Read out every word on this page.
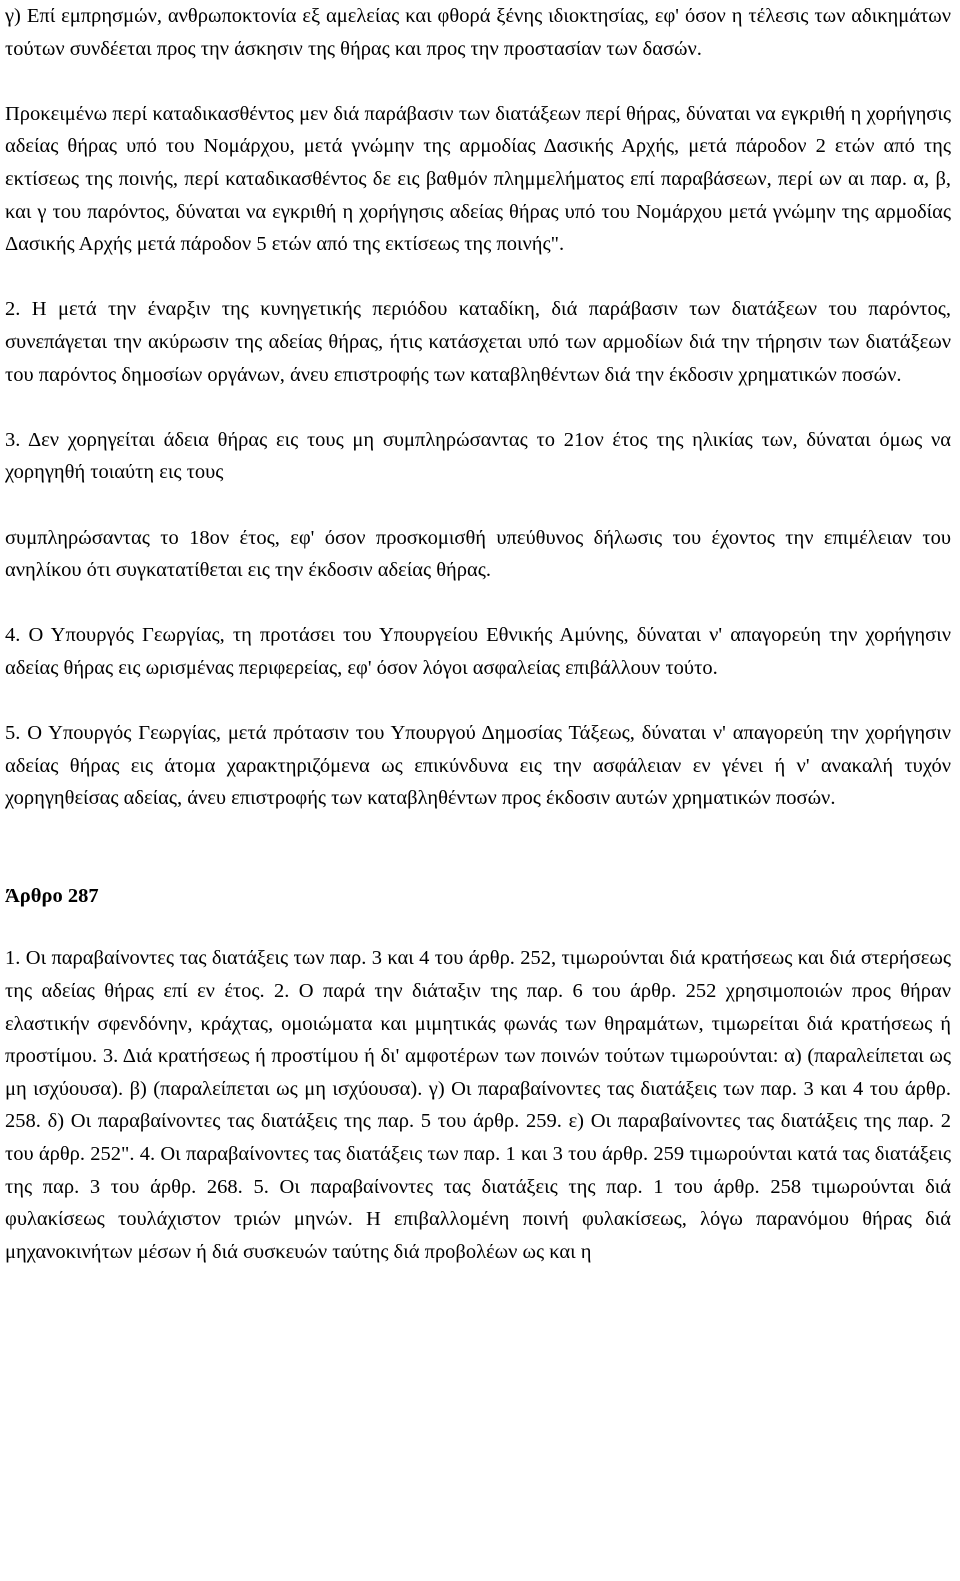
γ) Επί εμπρησμών, ανθρωποκτονία εξ αμελείας και φθορά ξένης ιδιοκτησίας, εφ' όσον η τέλεσις των αδικημάτων τούτων συνδέεται προς την άσκησιν της θήρας και προς την προστασίαν των δασών.

Προκειμένω περί καταδικασθέντος μεν διά παράβασιν των διατάξεων περί θήρας, δύναται να εγκριθή η χορήγησις αδείας θήρας υπό του Νομάρχου, μετά γνώμην της αρμοδίας Δασικής Αρχής, μετά πάροδον 2 ετών από της εκτίσεως της ποινής, περί καταδικασθέντος δε εις βαθμόν πλημμελήματος επί παραβάσεων, περί ων αι παρ. α, β, και γ του παρόντος, δύναται να εγκριθή η χορήγησις αδείας θήρας υπό του Νομάρχου μετά γνώμην της αρμοδίας Δασικής Αρχής μετά πάροδον 5 ετών από της εκτίσεως της ποινής".

2. Η μετά την έναρξιν της κυνηγετικής περιόδου καταδίκη, διά παράβασιν των διατάξεων του παρόντος, συνεπάγεται την ακύρωσιν της αδείας θήρας, ήτις κατάσχεται υπό των αρμοδίων διά την τήρησιν των διατάξεων του παρόντος δημοσίων οργάνων, άνευ επιστροφής των καταβληθέντων διά την έκδοσιν χρηματικών ποσών.

3. Δεν χορηγείται άδεια θήρας εις τους μη συμπληρώσαντας το 21ον έτος της ηλικίας των, δύναται όμως να χορηγηθή τοιαύτη εις τους

συμπληρώσαντας το 18ον έτος, εφ' όσον προσκομισθή υπεύθυνος δήλωσις του έχοντος την επιμέλειαν του ανηλίκου ότι συγκατατίθεται εις την έκδοσιν αδείας θήρας.

4. Ο Υπουργός Γεωργίας, τη προτάσει του Υπουργείου Εθνικής Αμύνης, δύναται ν' απαγορεύη την χορήγησιν αδείας θήρας εις ωρισμένας περιφερείας, εφ' όσον λόγοι ασφαλείας επιβάλλουν τούτο.

5. Ο Υπουργός Γεωργίας, μετά πρότασιν του Υπουργού Δημοσίας Τάξεως, δύναται ν' απαγορεύη την χορήγησιν αδείας θήρας εις άτομα χαρακτηριζόμενα ως επικύνδυνα εις την ασφάλειαν εν γένει ή ν' ανακαλή τυχόν χορηγηθείσας αδείας, άνευ επιστροφής των καταβληθέντων προς έκδοσιν αυτών χρηματικών ποσών.

Άρθρο 287

1. Οι παραβαίνοντες τας διατάξεις των παρ. 3 και 4 του άρθρ. 252, τιμωρούνται διά κρατήσεως και διά στερήσεως της αδείας θήρας επί εν έτος. 2. Ο παρά την διάταξιν της παρ. 6 του άρθρ. 252 χρησιμοποιών προς θήραν ελαστικήν σφενδόνην, κράχτας, ομοιώματα και μιμητικάς φωνάς των θηραμάτων, τιμωρείται διά κρατήσεως ή προστίμου. 3. Διά κρατήσεως ή προστίμου ή δι' αμφοτέρων των ποινών τούτων τιμωρούνται: α) (παραλείπεται ως μη ισχύουσα). β) (παραλείπεται ως μη ισχύουσα). γ) Οι παραβαίνοντες τας διατάξεις των παρ. 3 και 4 του άρθρ. 258. δ) Οι παραβαίνοντες τας διατάξεις της παρ. 5 του άρθρ. 259. ε) Οι παραβαίνοντες τας διατάξεις της παρ. 2 του άρθρ. 252". 4. Οι παραβαίνοντες τας διατάξεις των παρ. 1 και 3 του άρθρ. 259 τιμωρούνται κατά τας διατάξεις της παρ. 3 του άρθρ. 268. 5. Οι παραβαίνοντες τας διατάξεις της παρ. 1 του άρθρ. 258 τιμωρούνται διά φυλακίσεως τουλάχιστον τριών μηνών. Η επιβαλλομένη ποινή φυλακίσεως, λόγω παρανόμου θήρας διά μηχανοκινήτων μέσων ή διά συσκευών ταύτης διά προβολέων ως και η
